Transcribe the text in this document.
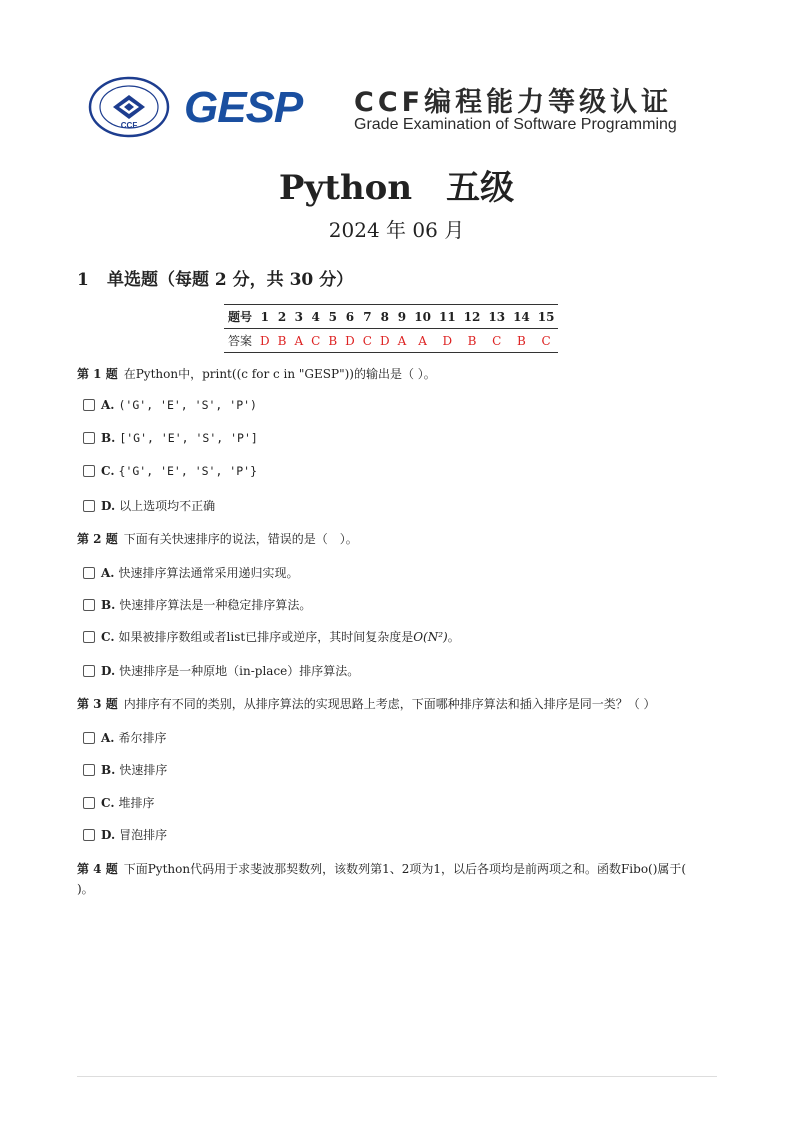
CCF GESP CCF编程能力等级认证
Grade Examination of Software Programming
Python　五级
2024 年 06 月
1 单选题（每题 2 分，共 30 分）
题号	1	2	3	4	5	6	7	8	9	10	11	12	13	14	15
答案	D	B	A	C	B	D	C	D	A	A	D	B	C	B	C
第 1 题 在Python中，print((c for c in "GESP"))的输出是（ ）。
A. ('G', 'E', 'S', 'P')
B. ['G', 'E', 'S', 'P']
C. {'G', 'E', 'S', 'P'}
D. 以上选项均不正确
第 2 题 下面有关快速排序的说法，错误的是（　）。
A. 快速排序算法通常采用递归实现。
B. 快速排序算法是一种稳定排序算法。
C. 如果被排序数组或者list已排序或逆序，其时间复杂度是 O(N²) 。
D. 快速排序是一种原地（in-place）排序算法。
第 3 题 内排序有不同的类别，从排序算法的实现思路上考虑，下面哪种排序算法和插入排序是同一类？（ ）
A. 希尔排序
B. 快速排序
C. 堆排序
D. 冒泡排序
第 4 题 下面Python代码用于求斐波那契数列，该数列第1、2项为1，以后各项均是前两项之和。函数Fibo()属于(
)。
